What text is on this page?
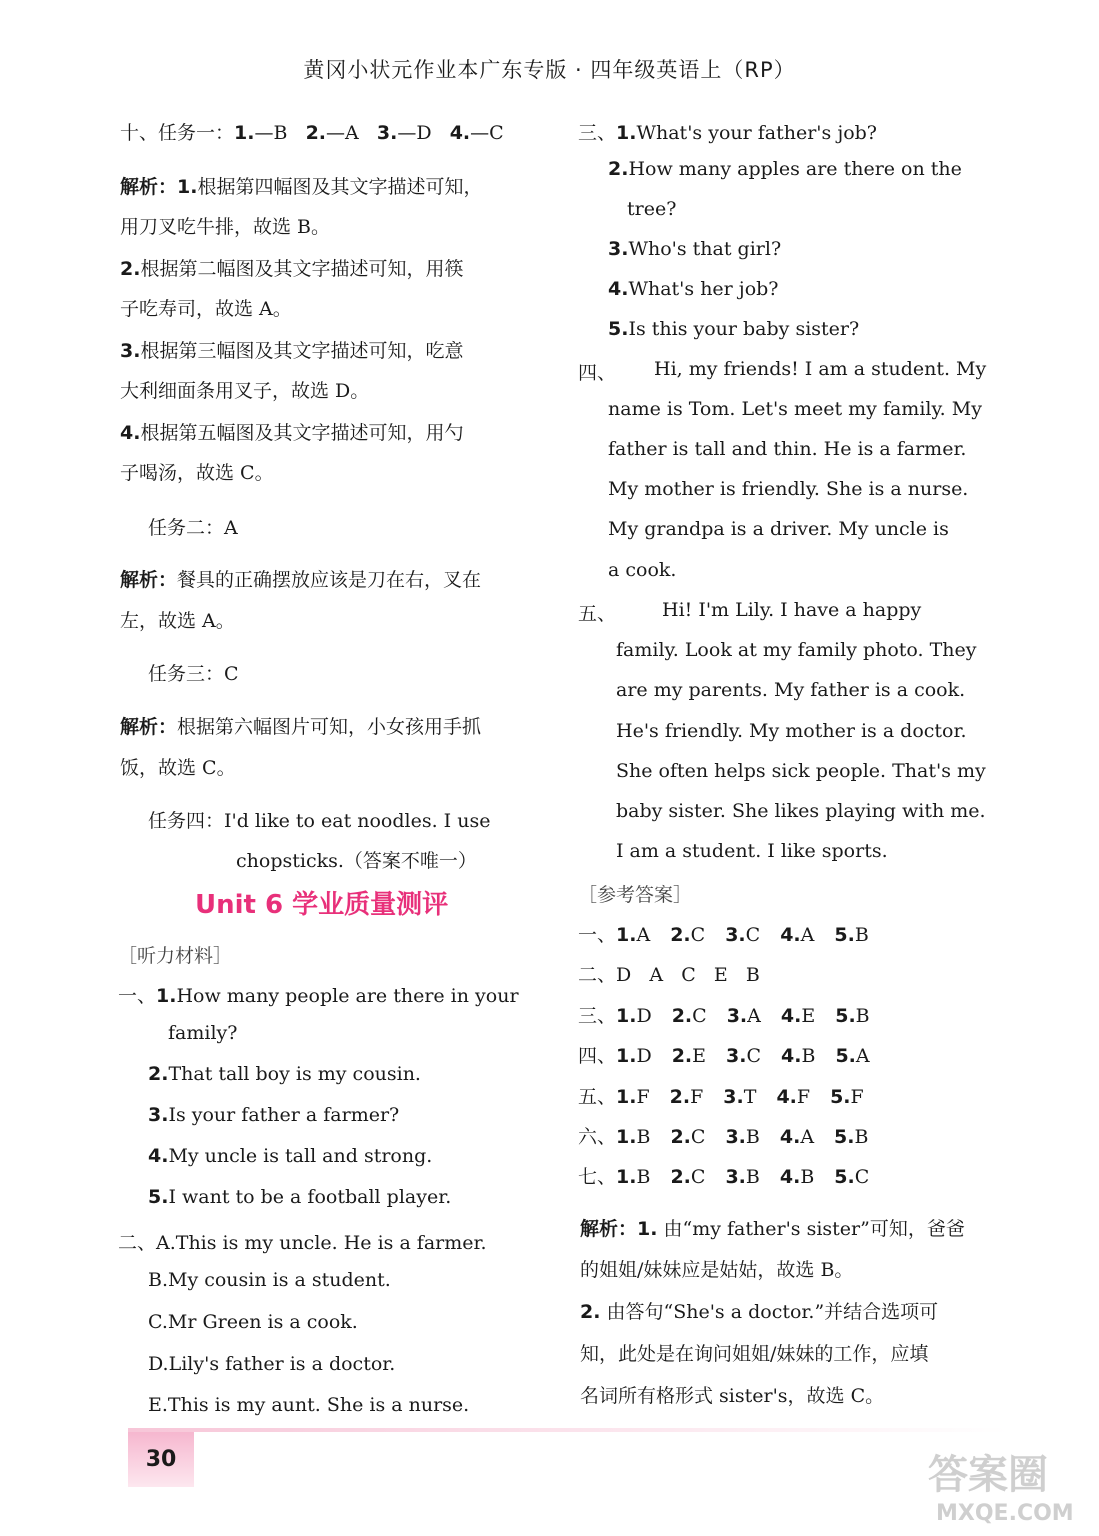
黄冈小状元作业本广东专版 · 四年级英语上（RP）
十、任务一：1.—B 2.—A 3.—D 4.—C
解析：1.根据第四幅图及其文字描述可知，
用刀叉吃牛排，故选 B。
2.根据第二幅图及其文字描述可知，用筷
子吃寿司，故选 A。
3.根据第三幅图及其文字描述可知，吃意
大利细面条用叉子，故选 D。
4.根据第五幅图及其文字描述可知，用勺
子喝汤，故选 C。
任务二：A
解析：餐具的正确摆放应该是刀在右，叉在
左，故选 A。
任务三：C
解析：根据第六幅图片可知，小女孩用手抓
饭，故选 C。
任务四：I'd like to eat noodles. I use
chopsticks.（答案不唯一）
Unit 6 学业质量测评
［听力材料］
一、1.How many people are there in your
family?
2.That tall boy is my cousin.
3.Is your father a farmer?
4.My uncle is tall and strong.
5.I want to be a football player.
二、A.This is my uncle. He is a farmer.
B.My cousin is a student.
C.Mr Green is a cook.
D.Lily's father is a doctor.
E.This is my aunt. She is a nurse.
三、1.What's your father's job?
2.How many apples are there on the
tree?
3.Who's that girl?
4.What's her job?
5.Is this your baby sister?
四、 Hi, my friends! I am a student. My
name is Tom. Let's meet my family. My
father is tall and thin. He is a farmer.
My mother is friendly. She is a nurse.
My grandpa is a driver. My uncle is
a cook.
五、 Hi! I'm Lily. I have a happy
family. Look at my family photo. They
are my parents. My father is a cook.
He's friendly. My mother is a doctor.
She often helps sick people. That's my
baby sister. She likes playing with me.
I am a student. I like sports.
［参考答案］
一、1.A 2.C 3.C 4.A 5.B
二、D   A   C   E   B
三、1.D 2.C 3.A 4.E 5.B
四、1.D 2.E 3.C 4.B 5.A
五、1.F 2.F 3.T 4.F 5.F
六、1.B 2.C 3.B 4.A 5.B
七、1.B 2.C 3.B 4.B 5.C
解析：1. 由“my father's sister”可知，爸爸
的姐姐/妹妹应是姑姑，故选 B。
2. 由答句“She's a doctor.”并结合选项可
知，此处是在询问姐姐/妹妹的工作，应填
名词所有格形式 sister's，故选 C。
30	答案圈
MXQE.COM
